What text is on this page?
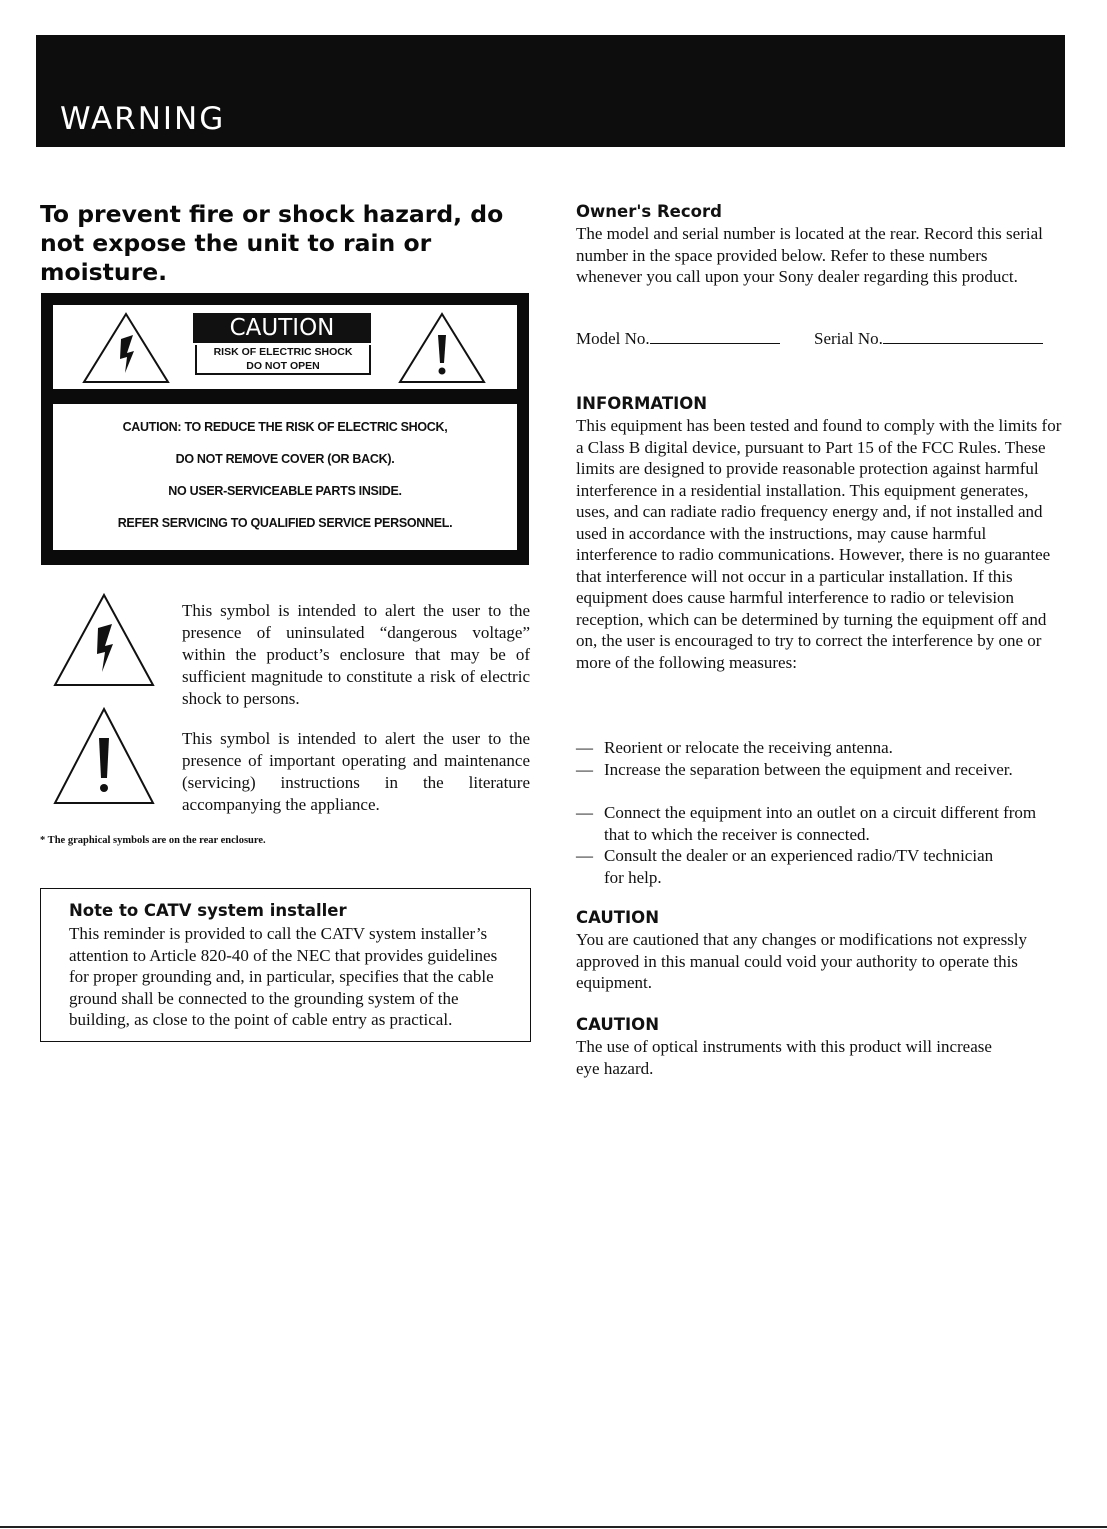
WARNING
To prevent fire or shock hazard, do not expose the unit to rain or moisture.
CAUTION
RISK OF ELECTRIC SHOCK
DO NOT OPEN
CAUTION: TO REDUCE THE RISK OF ELECTRIC SHOCK,
DO NOT REMOVE COVER (OR BACK).
NO USER-SERVICEABLE PARTS INSIDE.
REFER SERVICING TO QUALIFIED SERVICE PERSONNEL.
This symbol is intended to alert the user to the presence of uninsulated “dangerous voltage” within the product’s enclosure that may be of sufficient magnitude to constitute a risk of electric shock to persons.
This symbol is intended to alert the user to the presence of important operating and maintenance (servicing) instructions in the literature accompanying the appliance.
* The graphical symbols are on the rear enclosure.
Note to CATV system installer
This reminder is provided to call the CATV system installer’s attention to Article 820-40 of the NEC that provides guidelines for proper grounding and, in particular, specifies that the cable ground shall be connected to the grounding system of the building, as close to the point of cable entry as practical.
Owner's Record
The model and serial number is located at the rear. Record this serial number in the space provided below. Refer to these numbers whenever you call upon your Sony dealer regarding this product.
Model No.	Serial No.
INFORMATION
This equipment has been tested and found to comply with the limits for a Class B digital device, pursuant to Part 15 of the FCC Rules. These limits are designed to provide reasonable protection against harmful interference in a residential installation. This equipment generates, uses, and can radiate radio frequency energy and, if not installed and used in accordance with the instructions, may cause harmful interference to radio communications. However, there is no guarantee that interference will not occur in a particular installation. If this equipment does cause harmful interference to radio or television reception, which can be determined by turning the equipment off and on, the user is encouraged to try to correct the interference by one or more of the following measures:
— Reorient or relocate the receiving antenna.
— Increase the separation between the equipment and receiver.
— Connect the equipment into an outlet on a circuit different from that to which the receiver is connected.
— Consult the dealer or an experienced radio/TV technician for help.
CAUTION
You are cautioned that any changes or modifications not expressly approved in this manual could void your authority to operate this equipment.
CAUTION
The use of optical instruments with this product will increase eye hazard.
